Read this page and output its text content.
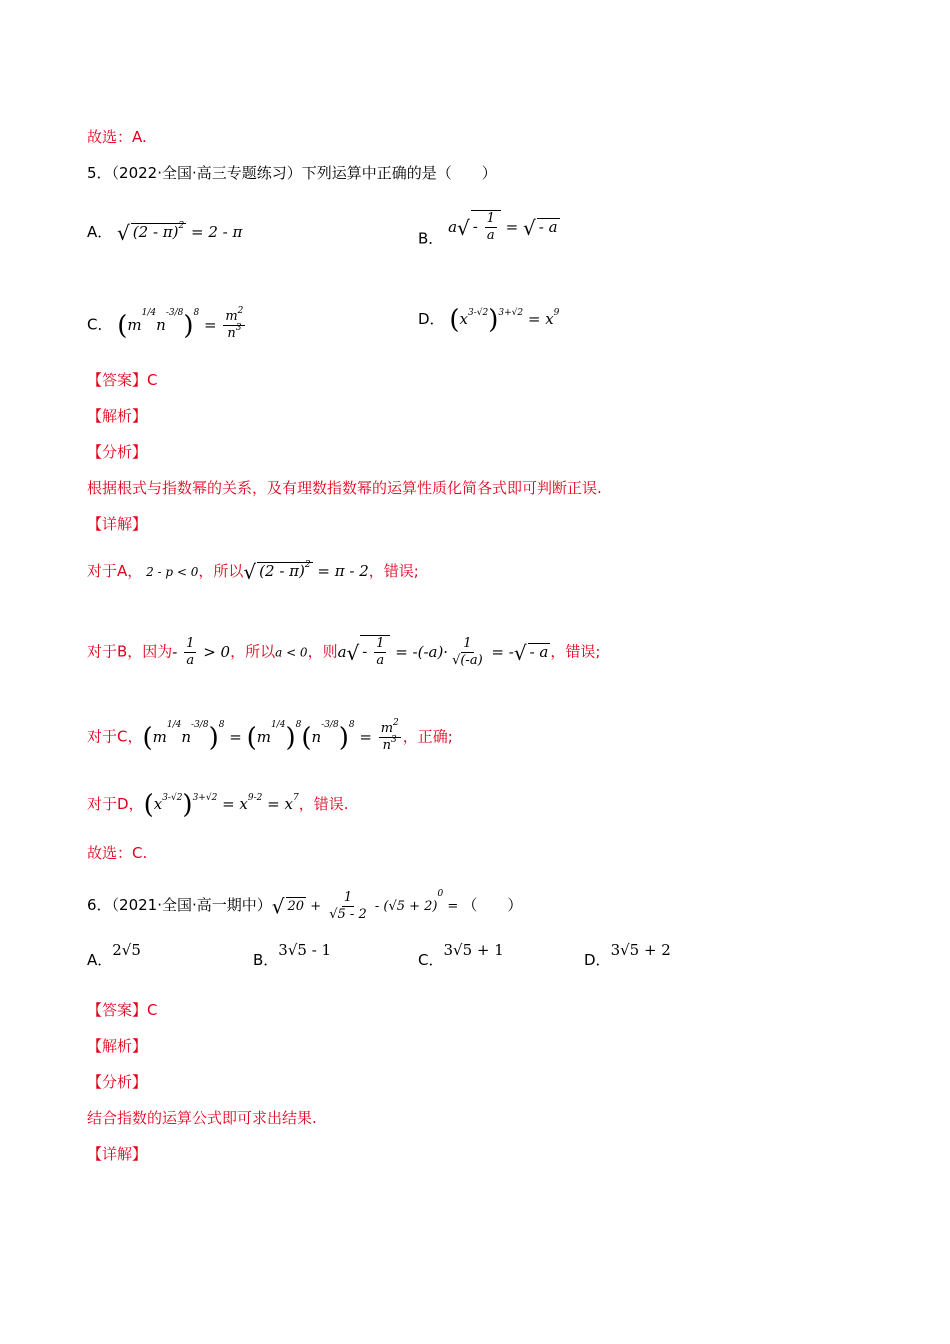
故选：A.
5．（2022·全国·高三专题练习）下列运算中正确的是（　　）
A． √ (2 - π)$^2$ = 2 - π	B． $a√ - \frac{1}{a}$ = √ - a
C． $(m^{1/4}n^{-3/8})^8 = \frac{m^2}{n^3}$	D． $(x^{3-√2})^{3+√2} = x^9$
【答案】C
【解析】
【分析】
根据根式与指数幂的关系，及有理数指数幂的运算性质化简各式即可判断正误.
【详解】
对于A， 2 - p < 0，所以√ (2 - π)$^2$ = π - 2，错误;
对于B，因为- $\frac{1}{a} > 0$，所以a < 0，则$a√ - \frac{1}{a} = -(-a)\cdot \frac{1}{√(-a)}$ = -√ - a ，错误;
对于C，$(m^{1/4}n^{-3/8})^8 = (m^{1/4})^8(n^{-3/8})^8 = \frac{m^2}{n^3}$ ，正确;
对于D，$(x^{3-√2})^{3+√2} = x^{9-2} = x^7$，错误.
故选：C.
6．（2021·全国·高一期中）√ $20 + \frac{1}{√5 - 2} - (√5 + 2)^0$ = （　　）
A．2√5
B．3√5 - 1
C．3√5 + 1
D．3√5 + 2
【答案】C
【解析】
【分析】
结合指数的运算公式即可求出结果.
【详解】
